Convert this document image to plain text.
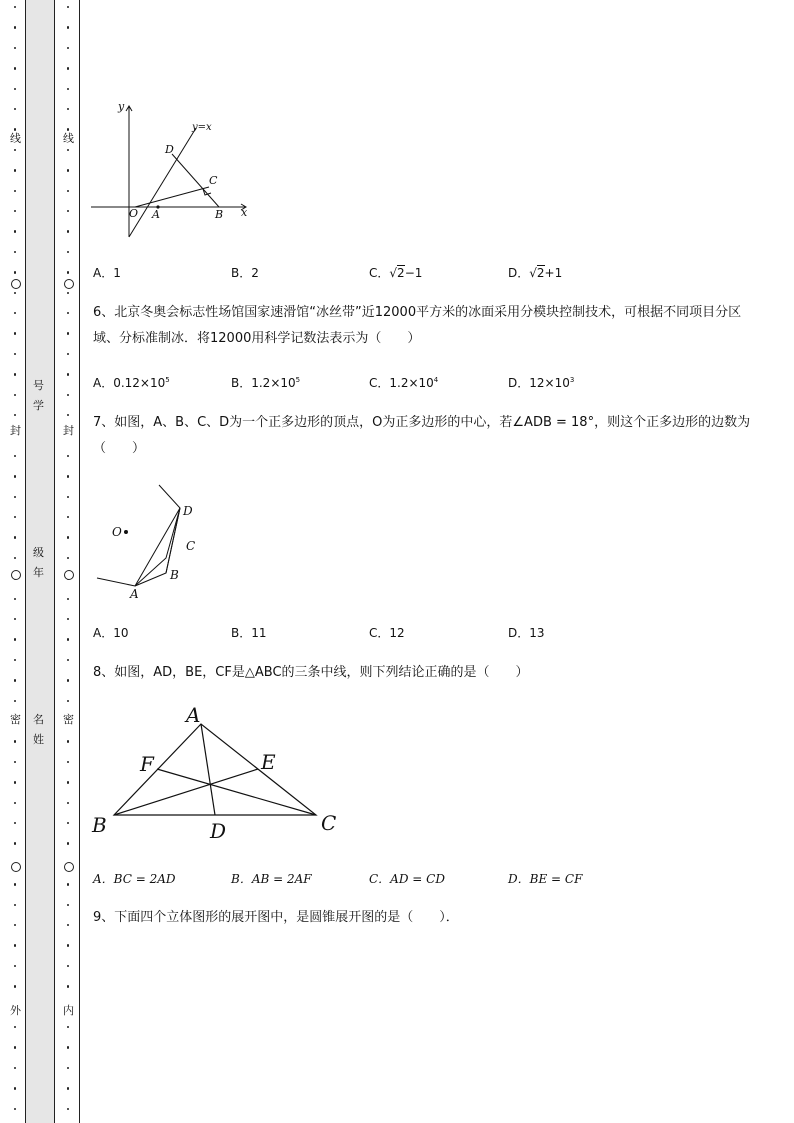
线
封
密
外
线
封
密
内
号
学
级
年
名
姓
y
x
y=x
O A	B
C
D
A．1	B．2	C．√2−1	D．√2+1
6、北京冬奥会标志性场馆国家速滑馆“冰丝带”近12000平方米的冰面采用分模块控制技术，可根据不同项目分区域、分标准制冰．将12000用科学记数法表示为（　　）
A．$0.12\times 10^5$	B．$1.2\times 10^5$	C．$1.2\times 10^4$	D．$12\times 10^3$
7、如图，A、B、C、D为一个正多边形的顶点，O为正多边形的中心，若∠ADB = 18°，则这个正多边形的边数为（　　）
O
A
B
C
D
A．10	B．11	C．12	D．13
8、如图，AD，BE，CF是△ABC的三条中线，则下列结论正确的是（　　）
A
B	C
D
E
F
A．BC = 2AD	B．AB = 2AF	C．AD = CD	D．BE = CF
9、下面四个立体图形的展开图中，是圆锥展开图的是（　　）．
